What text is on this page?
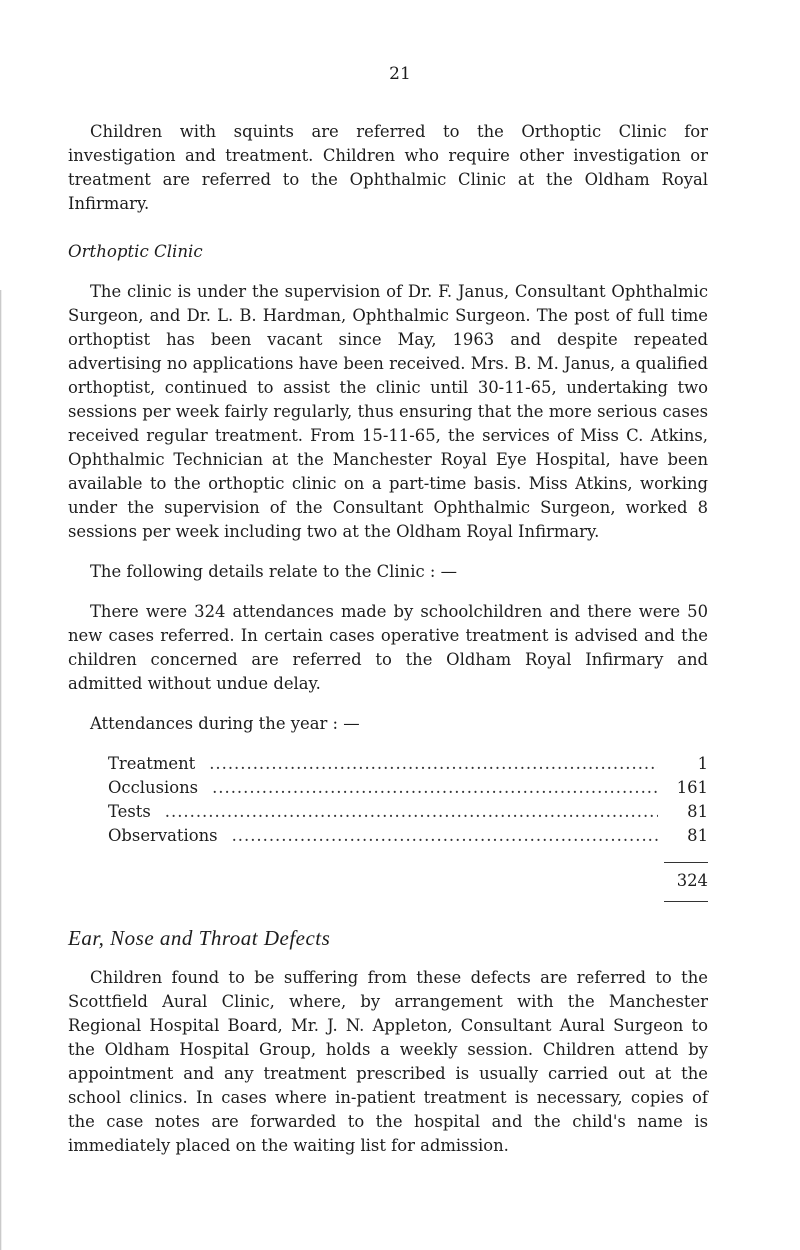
21

Children with squints are referred to the Orthoptic Clinic for investigation and treatment. Children who require other investigation or treatment are referred to the Ophthalmic Clinic at the Oldham Royal Infirmary.

Orthoptic Clinic

The clinic is under the supervision of Dr. F. Janus, Consultant Ophthalmic Surgeon, and Dr. L. B. Hardman, Ophthalmic Surgeon. The post of full time orthoptist has been vacant since May, 1963 and despite repeated advertising no applications have been received. Mrs. B. M. Janus, a qualified orthoptist, continued to assist the clinic until 30-11-65, undertaking two sessions per week fairly regularly, thus ensuring that the more serious cases received regular treatment. From 15-11-65, the services of Miss C. Atkins, Ophthalmic Technician at the Manchester Royal Eye Hospital, have been available to the orthoptic clinic on a part-time basis. Miss Atkins, working under the supervision of the Consultant Ophthalmic Surgeon, worked 8 sessions per week including two at the Oldham Royal Infirmary.

The following details relate to the Clinic : —

There were 324 attendances made by schoolchildren and there were 50 new cases referred. In certain cases operative treatment is advised and the children concerned are referred to the Oldham Royal Infirmary and admitted without undue delay.

Attendances during the year : —
Treatment .....	1
Occlusions .....	161
Tests .....	81
Observations .....	81
324
Ear, Nose and Throat Defects

Children found to be suffering from these defects are referred to the Scottfield Aural Clinic, where, by arrangement with the Manchester Regional Hospital Board, Mr. J. N. Appleton, Consultant Aural Surgeon to the Oldham Hospital Group, holds a weekly session. Children attend by appointment and any treatment prescribed is usually carried out at the school clinics. In cases where in-patient treatment is necessary, copies of the case notes are forwarded to the hospital and the child's name is immediately placed on the waiting list for admission.
